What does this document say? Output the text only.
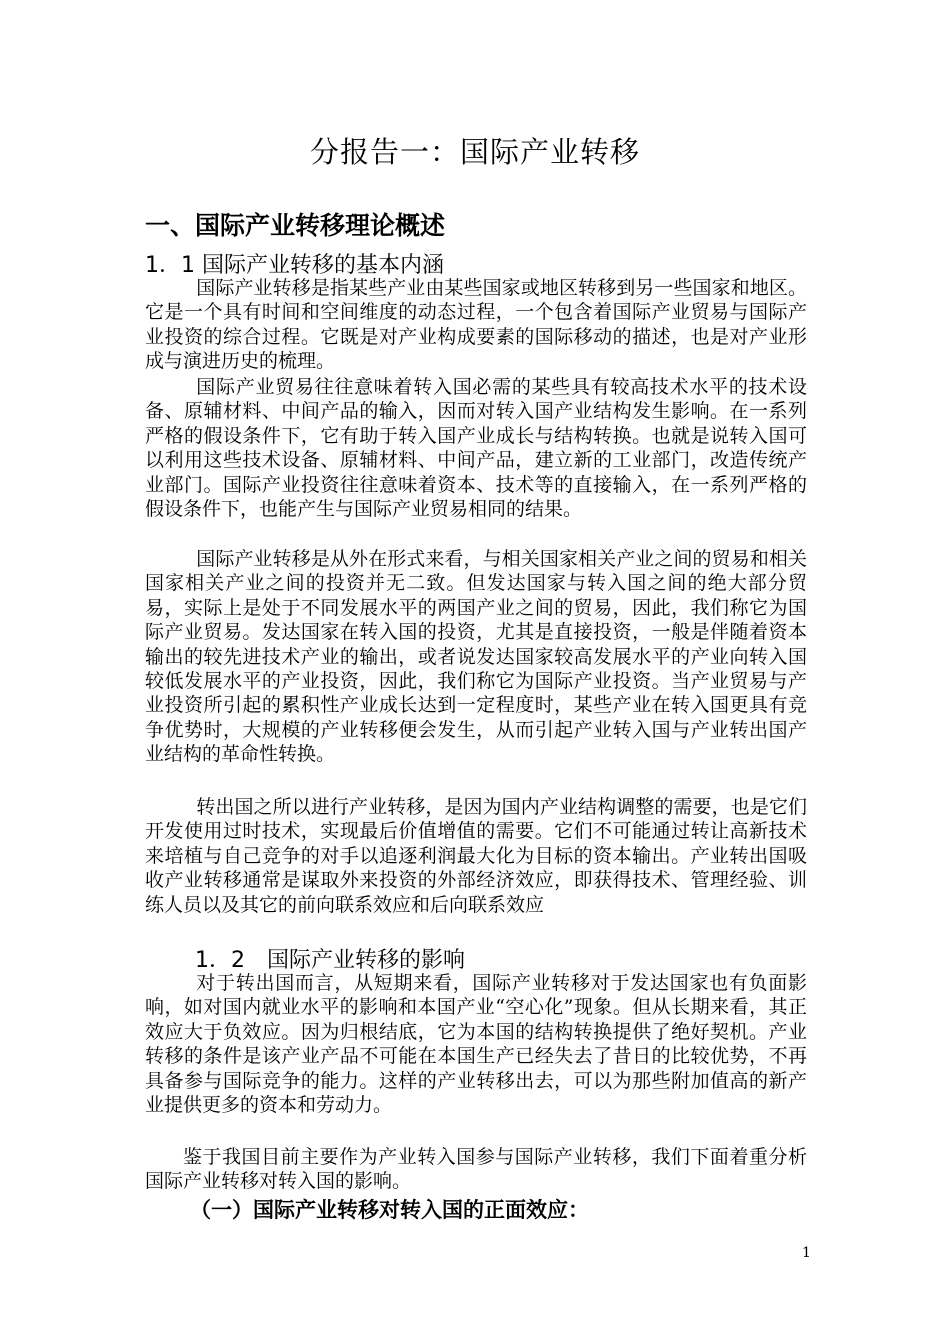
分报告一：国际产业转移
一、国际产业转移理论概述
1．1 国际产业转移的基本内涵
国际产业转移是指某些产业由某些国家或地区转移到另一些国家和地区。它是一个具有时间和空间维度的动态过程，一个包含着国际产业贸易与国际产业投资的综合过程。它既是对产业构成要素的国际移动的描述，也是对产业形成与演进历史的梳理。
国际产业贸易往往意味着转入国必需的某些具有较高技术水平的技术设备、原辅材料、中间产品的输入，因而对转入国产业结构发生影响。在一系列严格的假设条件下，它有助于转入国产业成长与结构转换。也就是说转入国可以利用这些技术设备、原辅材料、中间产品，建立新的工业部门，改造传统产业部门。国际产业投资往往意味着资本、技术等的直接输入，在一系列严格的假设条件下，也能产生与国际产业贸易相同的结果。
国际产业转移是从外在形式来看，与相关国家相关产业之间的贸易和相关国家相关产业之间的投资并无二致。但发达国家与转入国之间的绝大部分贸易，实际上是处于不同发展水平的两国产业之间的贸易，因此，我们称它为国际产业贸易。发达国家在转入国的投资，尤其是直接投资，一般是伴随着资本输出的较先进技术产业的输出，或者说发达国家较高发展水平的产业向转入国较低发展水平的产业投资，因此，我们称它为国际产业投资。当产业贸易与产业投资所引起的累积性产业成长达到一定程度时，某些产业在转入国更具有竞争优势时，大规模的产业转移便会发生，从而引起产业转入国与产业转出国产业结构的革命性转换。
转出国之所以进行产业转移，是因为国内产业结构调整的需要，也是它们开发使用过时技术，实现最后价值增值的需要。它们不可能通过转让高新技术来培植与自己竞争的对手以追逐利润最大化为目标的资本输出。产业转出国吸收产业转移通常是谋取外来投资的外部经济效应，即获得技术、管理经验、训练人员以及其它的前向联系效应和后向联系效应
1．2　国际产业转移的影响
对于转出国而言，从短期来看，国际产业转移对于发达国家也有负面影响，如对国内就业水平的影响和本国产业“空心化”现象。但从长期来看，其正效应大于负效应。因为归根结底，它为本国的结构转换提供了绝好契机。产业转移的条件是该产业产品不可能在本国生产已经失去了昔日的比较优势，不再具备参与国际竞争的能力。这样的产业转移出去，可以为那些附加值高的新产业提供更多的资本和劳动力。
鉴于我国目前主要作为产业转入国参与国际产业转移，我们下面着重分析国际产业转移对转入国的影响。
（一）国际产业转移对转入国的正面效应：
1
